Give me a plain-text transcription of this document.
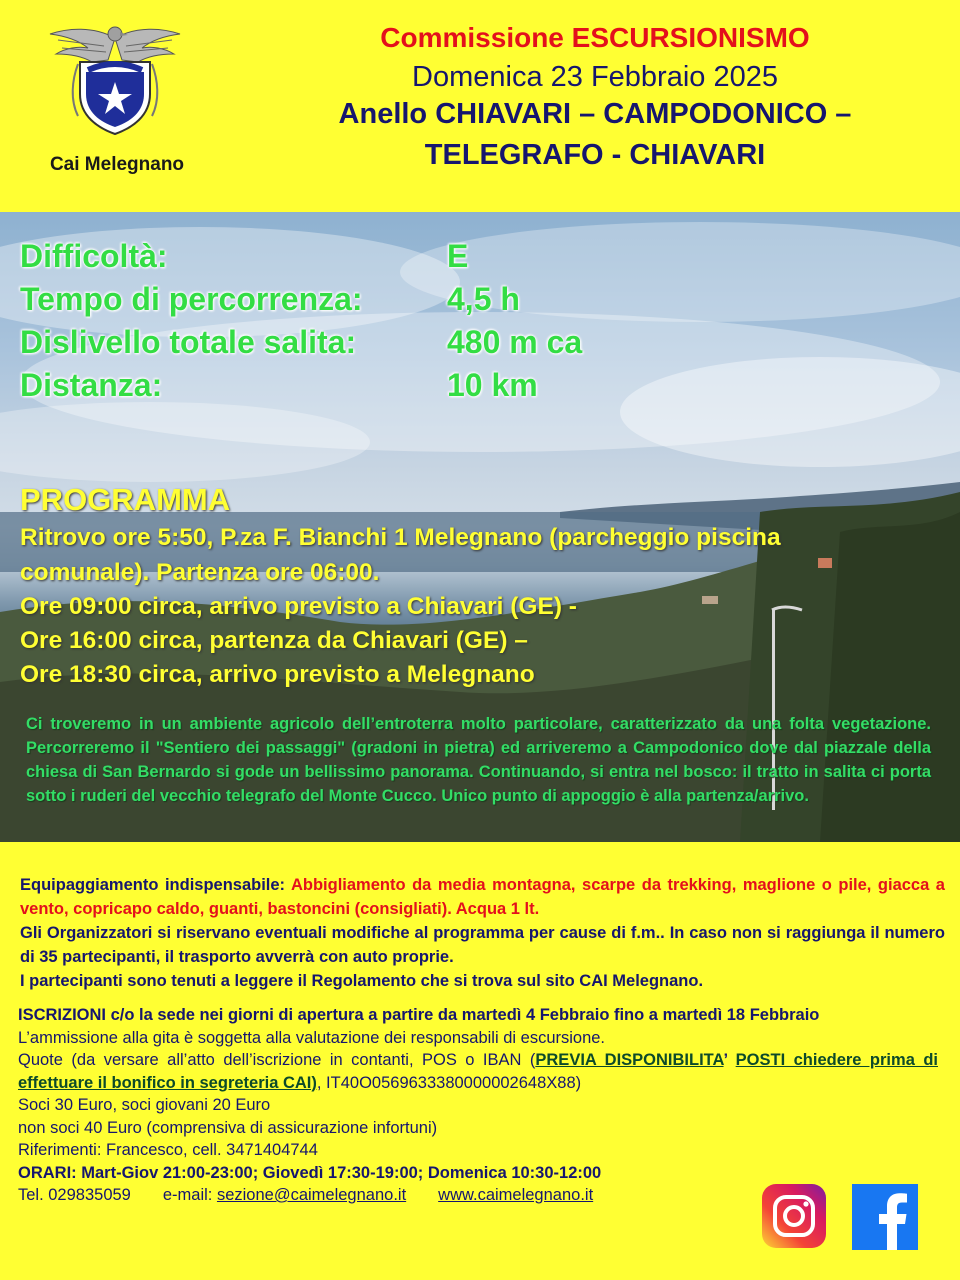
Cai Melegnano
Commissione ESCURSIONISMO
Domenica 23 Febbraio 2025
Anello CHIAVARI – CAMPODONICO –
TELEGRAFO - CHIAVARI
Difficoltà:	E
Tempo di percorrenza:	4,5 h
Dislivello totale salita:	480 m ca
Distanza:	10 km
PROGRAMMA
Ritrovo ore 5:50, P.za F. Bianchi 1 Melegnano (parcheggio piscina
comunale). Partenza ore 06:00.
Ore 09:00 circa, arrivo previsto a Chiavari (GE) -
Ore 16:00 circa, partenza da Chiavari (GE) –
Ore 18:30 circa, arrivo previsto a Melegnano
Ci troveremo in un ambiente agricolo dell’entroterra molto particolare, caratterizzato da una folta vegetazione. Percorreremo il "Sentiero dei passaggi" (gradoni in pietra) ed arriveremo a Campodonico dove dal piazzale della chiesa di San Bernardo si gode un bellissimo panorama. Continuando, si entra nel bosco: il tratto in salita ci porta sotto i ruderi del vecchio telegrafo del Monte Cucco. Unico punto di appoggio è alla partenza/arrivo.
Equipaggiamento indispensabile: Abbigliamento da media montagna, scarpe da trekking, maglione o pile, giacca a vento, copricapo caldo, guanti, bastoncini (consigliati). Acqua 1 lt.
Gli Organizzatori si riservano eventuali modifiche al programma per cause di f.m.. In caso non si raggiunga il numero di 35 partecipanti, il trasporto avverrà con auto proprie.
I partecipanti sono tenuti a leggere il Regolamento che si trova sul sito CAI Melegnano.
ISCRIZIONI c/o la sede nei giorni di apertura a partire da martedì 4 Febbraio fino a martedì 18 Febbraio
L’ammissione alla gita è soggetta alla valutazione dei responsabili di escursione.
Quote (da versare all’atto dell’iscrizione in contanti, POS o IBAN (PREVIA DISPONIBILITA’ POSTI chiedere prima di effettuare il bonifico in segreteria CAI), IT40O0569633380000002648X88)
Soci 30 Euro, soci giovani 20 Euro
non soci 40 Euro (comprensiva di assicurazione infortuni)
Riferimenti: Francesco, cell. 3471404744
ORARI: Mart-Giov 21:00-23:00; Giovedì 17:30-19:00; Domenica 10:30-12:00
Tel. 029835059 e-mail: sezione@caimelegnano.it www.caimelegnano.it
